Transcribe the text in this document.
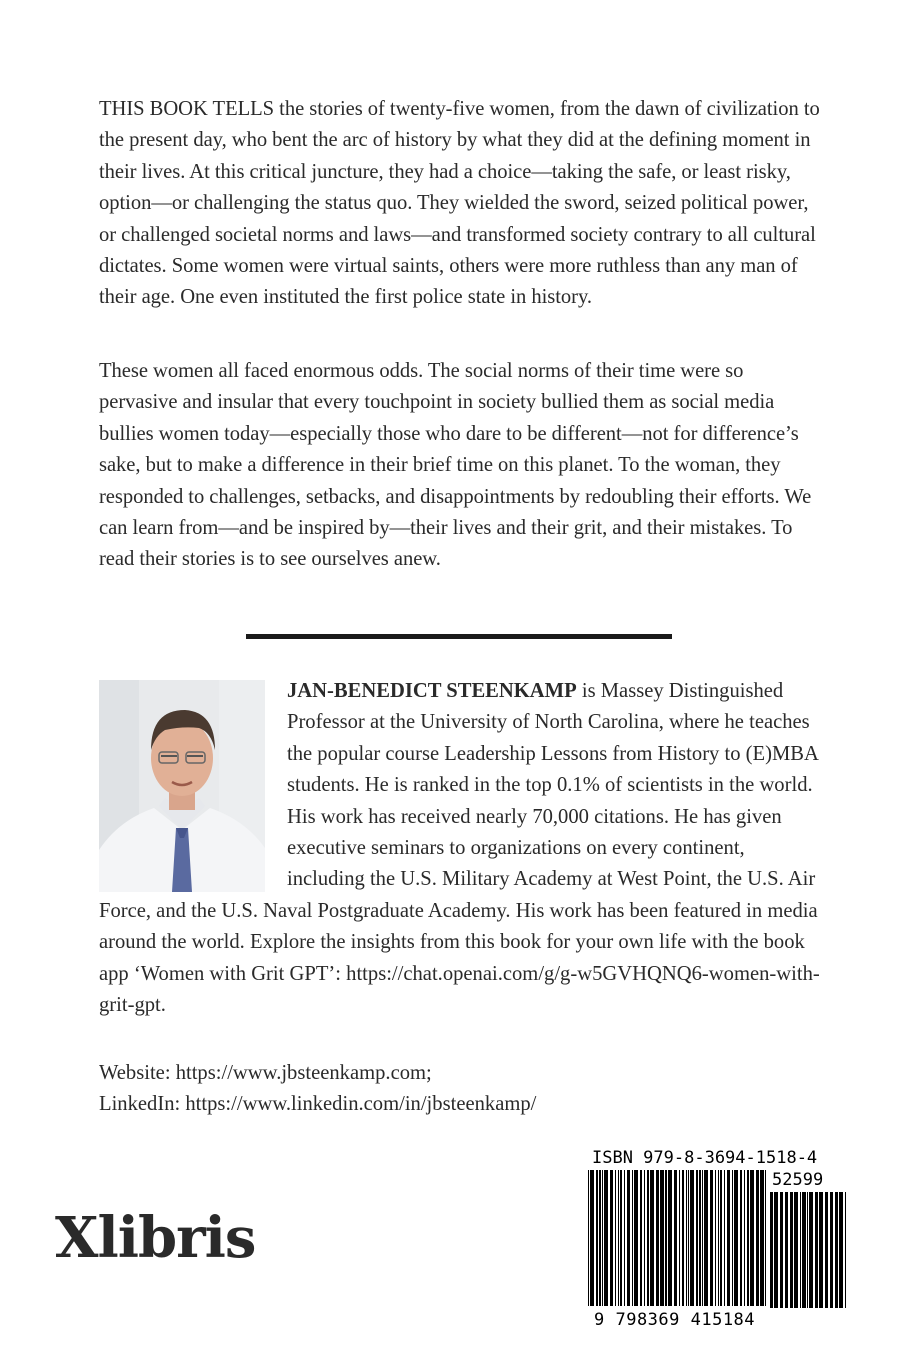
THIS BOOK TELLS the stories of twenty-five women, from the dawn of civilization to the present day, who bent the arc of history by what they did at the defining moment in their lives. At this critical juncture, they had a choice—taking the safe, or least risky, option—or challenging the status quo. They wielded the sword, seized political power, or challenged societal norms and laws—and transformed society contrary to all cultural dictates. Some women were virtual saints, others were more ruthless than any man of their age. One even instituted the first police state in history.

These women all faced enormous odds. The social norms of their time were so pervasive and insular that every touchpoint in society bullied them as social media bullies women today—especially those who dare to be different—not for difference’s sake, but to make a difference in their brief time on this planet. To the woman, they responded to challenges, setbacks, and disappointments by redoubling their efforts. We can learn from—and be inspired by—their lives and their grit, and their mistakes. To read their stories is to see ourselves anew.

JAN-BENEDICT STEENKAMP is Massey Distinguished Professor at the University of North Carolina, where he teaches the popular course Leadership Lessons from History to (E)MBA students. He is ranked in the top 0.1% of scientists in the world. His work has received nearly 70,000 citations. He has given executive seminars to organizations on every continent, including the U.S. Military Academy at West Point, the U.S. Air Force, and the U.S. Naval Postgraduate Academy. His work has been featured in media around the world. Explore the insights from this book for your own life with the book app ‘Women with Grit GPT’: https://chat.openai.com/g/g-w5GVHQNQ6-women-with-grit-gpt.

Website: https://www.jbsteenkamp.com;
LinkedIn: https://www.linkedin.com/in/jbsteenkamp/
Xlibris
ISBN 979-8-3694-1518-4
52599
9 798369 415184
